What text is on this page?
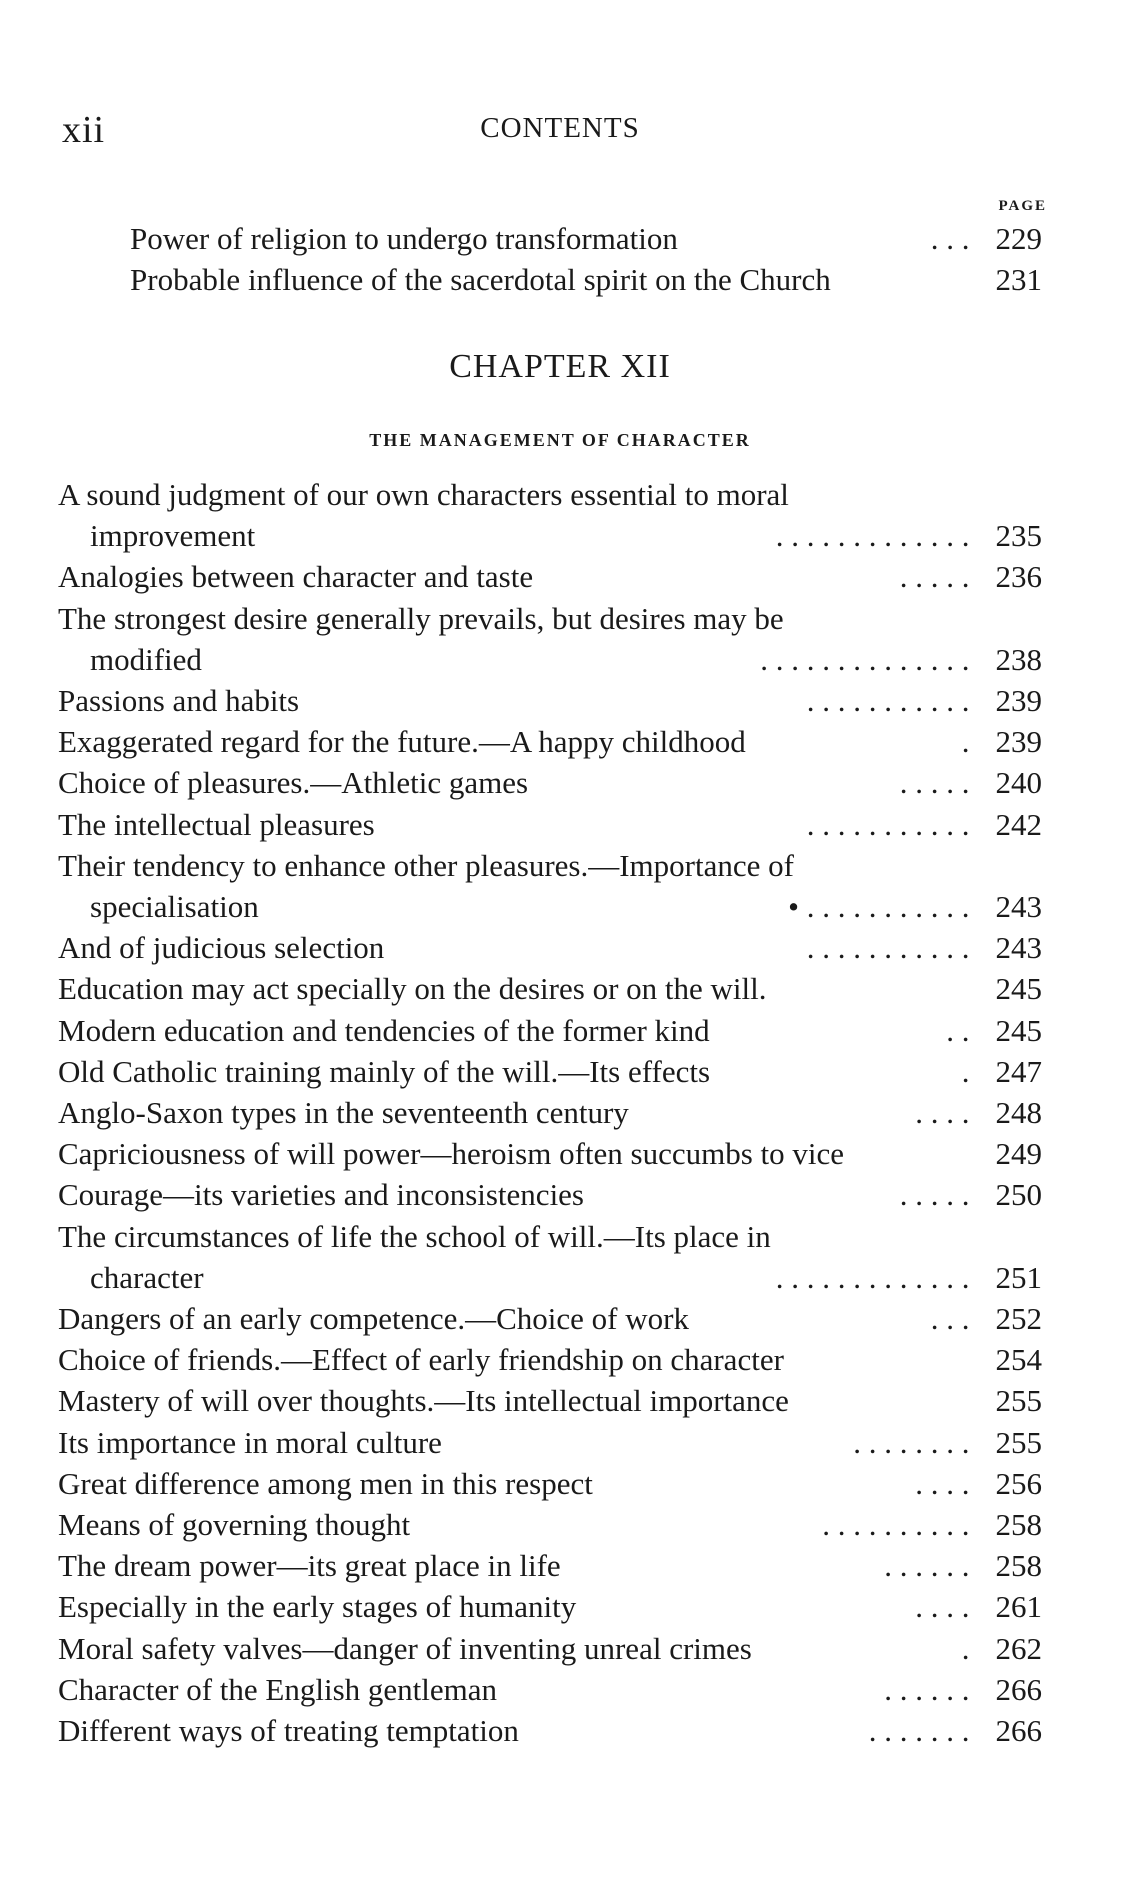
xii	CONTENTS
PAGE
CHAPTER XII
THE MANAGEMENT OF CHARACTER
Power of religion to undergo transformation	229
. . .
Probable influence of the sacerdotal spirit on the Church	231
A sound judgment of our own characters essential to moral
improvement	235
. . . . . . . . . . . . .
Analogies between character and taste	236
. . . . .
The strongest desire generally prevails, but desires may be
modified	238
. . . . . . . . . . . . . .
Passions and habits	239
. . . . . . . . . . .
Exaggerated regard for the future.—A happy childhood	239
.
Choice of pleasures.—Athletic games	240
. . . . .
The intellectual pleasures	242
. . . . . . . . . . .
Their tendency to enhance other pleasures.—Importance of
specialisation	243
• . . . . . . . . . . .
And of judicious selection	243
. . . . . . . . . . .
Education may act specially on the desires or on the will.	245
Modern education and tendencies of the former kind	245
. .
Old Catholic training mainly of the will.—Its effects	247
.
Anglo-Saxon types in the seventeenth century	248
. . . .
Capriciousness of will power—heroism often succumbs to vice	249
Courage—its varieties and inconsistencies	250
. . . . .
The circumstances of life the school of will.—Its place in
character	251
. . . . . . . . . . . . .
Dangers of an early competence.—Choice of work	252
. . .
Choice of friends.—Effect of early friendship on character	254
Mastery of will over thoughts.—Its intellectual importance	255
Its importance in moral culture	255
. . . . . . . .
Great difference among men in this respect	256
. . . .
Means of governing thought	258
. . . . . . . . . .
The dream power—its great place in life	258
. . . . . .
Especially in the early stages of humanity	261
. . . .
Moral safety valves—danger of inventing unreal crimes	262
.
Character of the English gentleman	266
. . . . . .
Different ways of treating temptation	266
. . . . . . .
